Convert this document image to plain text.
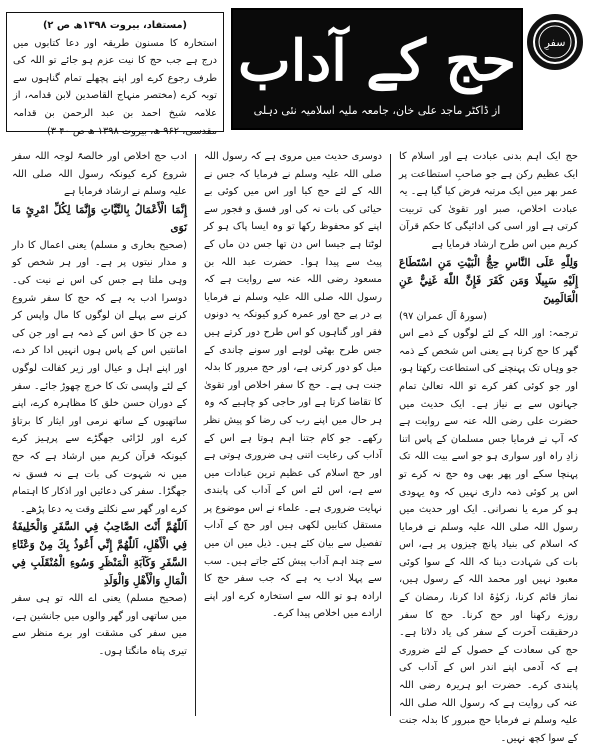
(مستفاد، بیروت ۱۳۹۸ھ ص ۲)

استخارہ کا مسنون طریقہ اور دعا کتابوں میں درج ہے جب حج کا نیت عزم ہو جائے تو اللہ کی طرف رجوع کرے اور اپنے پچھلے تمام گناہوں سے توبہ کرے (مختصر منہاج القاصدین لابن قدامہ، از علامہ شیخ احمد بن عبد الرحمن بن قدامہ مقدسی، ۹۶۲ ھ، بیروت ۱۳۹۸ ھ ص ۴۰ ۳)

حج کے آداب
از ڈاکٹر ماجد علی خان، جامعہ ملیہ اسلامیہ نئی دہلی
سفرِ

حج ایک اہم بدنی عبادت ہے اور اسلام کا ایک عظیم رکن ہے جو صاحبِ استطاعت پر عمر بھر میں ایک مرتبہ فرض کیا گیا ہے۔ یہ عبادت اخلاص، صبر اور تقویٰ کی تربیت کرتی ہے اور اسی کی ادائیگی کا حکم قرآن کریم میں اس طرح ارشاد فرمایا ہے

وَلِلّٰهِ عَلَى النَّاسِ حِجُّ الْبَيْتِ مَنِ اسْتَطَاعَ إِلَيْهِ سَبِيلًا وَمَن كَفَرَ فَإِنَّ اللّٰهَ غَنِيٌّ عَنِ الْعَالَمِينَ

(سورۂ آل عمران ۹۷)

ترجمہ: اور اللہ کے لئے لوگوں کے ذمے اس گھر کا حج کرنا ہے یعنی اس شخص کے ذمہ جو وہاں تک پہنچنے کی استطاعت رکھتا ہو، اور جو کوئی کفر کرے تو اللہ تعالیٰ تمام جہانوں سے بے نیاز ہے۔ ایک حدیث میں حضرت علی رضی اللہ عنہ سے روایت ہے کہ آپ نے فرمایا جس مسلمان کے پاس اتنا زادِ راہ اور سواری ہو جو اسے بیت اللہ تک پہنچا سکے اور پھر بھی وہ حج نہ کرے تو اس پر کوئی ذمہ داری نہیں کہ وہ یہودی ہو کر مرے یا نصرانی۔ ایک اور حدیث میں رسول اللہ صلی اللہ علیہ وسلم نے فرمایا کہ اسلام کی بنیاد پانچ چیزوں پر ہے، اس بات کی شہادت دینا کہ اللہ کے سوا کوئی معبود نہیں اور محمد اللہ کے رسول ہیں، نماز قائم کرنا، زکوٰۃ ادا کرنا، رمضان کے روزے رکھنا اور حج کرنا۔ حج کا سفر درحقیقت آخرت کے سفر کی یاد دلاتا ہے۔ حج کی سعادت کے حصول کے لئے ضروری ہے کہ آدمی اپنے اندر اس کے آداب کی پابندی کرے۔ حضرت ابو ہریرہ رضی اللہ عنہ کی روایت ہے کہ رسول اللہ صلی اللہ علیہ وسلم نے فرمایا حج مبرور کا بدلہ جنت کے سوا کچھ نہیں۔

دوسری حدیث میں مروی ہے کہ رسول اللہ صلی اللہ علیہ وسلم نے فرمایا کہ جس نے اللہ کے لئے حج کیا اور اس میں کوئی بے حیائی کی بات نہ کی اور فسق و فجور سے اپنے کو محفوظ رکھا تو وہ ایسا پاک ہو کر لوٹتا ہے جیسا اس دن تھا جس دن ماں کے پیٹ سے پیدا ہوا۔ حضرت عبد اللہ بن مسعود رضی اللہ عنہ سے روایت ہے کہ رسول اللہ صلی اللہ علیہ وسلم نے فرمایا پے در پے حج اور عمرہ کرو کیونکہ یہ دونوں فقر اور گناہوں کو اس طرح دور کرتے ہیں جس طرح بھٹی لوہے اور سونے چاندی کے میل کو دور کرتی ہے، اور حج مبرور کا بدلہ جنت ہی ہے۔ حج کا سفر اخلاص اور تقویٰ کا تقاضا کرتا ہے اور حاجی کو چاہیے کہ وہ ہر حال میں اپنے رب کی رضا کو پیش نظر رکھے۔ جو کام جتنا اہم ہوتا ہے اس کے آداب کی رعایت اتنی ہی ضروری ہوتی ہے اور حج اسلام کی عظیم ترین عبادات میں سے ہے، اس لئے اس کے آداب کی پابندی نہایت ضروری ہے۔ علماء نے اس موضوع پر مستقل کتابیں لکھی ہیں اور حج کے آداب تفصیل سے بیان کئے ہیں۔ ذیل میں ان میں سے چند اہم آداب پیش کئے جاتے ہیں۔ سب سے پہلا ادب یہ ہے کہ جب سفر حج کا ارادہ ہو تو اللہ سے استخارہ کرے اور اپنے ارادے میں اخلاص پیدا کرے۔

ادب حج اخلاص اور خالصۃً لوجہ اللہ سفر شروع کرے کیونکہ رسول اللہ صلی اللہ علیہ وسلم نے ارشاد فرمایا ہے

إِنَّمَا الْأَعْمَالُ بِالنِّيَّاتِ وَإِنَّمَا لِكُلِّ امْرِئٍ مَا نَوَى

(صحیح بخاری و مسلم) یعنی اعمال کا دار و مدار نیتوں پر ہے۔ اور ہر شخص کو وہی ملتا ہے جس کی اس نے نیت کی۔ دوسرا ادب یہ ہے کہ حج کا سفر شروع کرنے سے پہلے ان لوگوں کا مال واپس کر دے جن کا حق اس کے ذمہ ہے اور جن کی امانتیں اس کے پاس ہوں انہیں ادا کر دے، اور اپنے اہل و عیال اور زیر کفالت لوگوں کے لئے واپسی تک کا خرچ چھوڑ جائے۔ سفر کے دوران حسن خلق کا مظاہرہ کرے، اپنے ساتھیوں کے ساتھ نرمی اور ایثار کا برتاؤ کرے اور لڑائی جھگڑے سے پرہیز کرے کیونکہ قرآن کریم میں ارشاد ہے کہ حج میں نہ شہوت کی بات ہے نہ فسق نہ جھگڑا۔ سفر کی دعائیں اور اذکار کا اہتمام کرے اور گھر سے نکلتے وقت یہ دعا پڑھے۔

اَللّٰهُمَّ أَنْتَ الصَّاحِبُ فِي السَّفَرِ وَالْخَلِيفَةُ فِي الْأَهْلِ، اَللّٰهُمَّ إِنِّي أَعُوذُ بِكَ مِنْ وَعْثَاءِ السَّفَرِ وَكَآبَةِ الْمَنْظَرِ وَسُوءِ الْمُنْقَلَبِ فِي الْمَالِ وَالْأَهْلِ وَالْوَلَدِ

(صحیح مسلم) یعنی اے اللہ تو ہی سفر میں ساتھی اور گھر والوں میں جانشین ہے، میں سفر کی مشقت اور برے منظر سے تیری پناہ مانگتا ہوں۔
